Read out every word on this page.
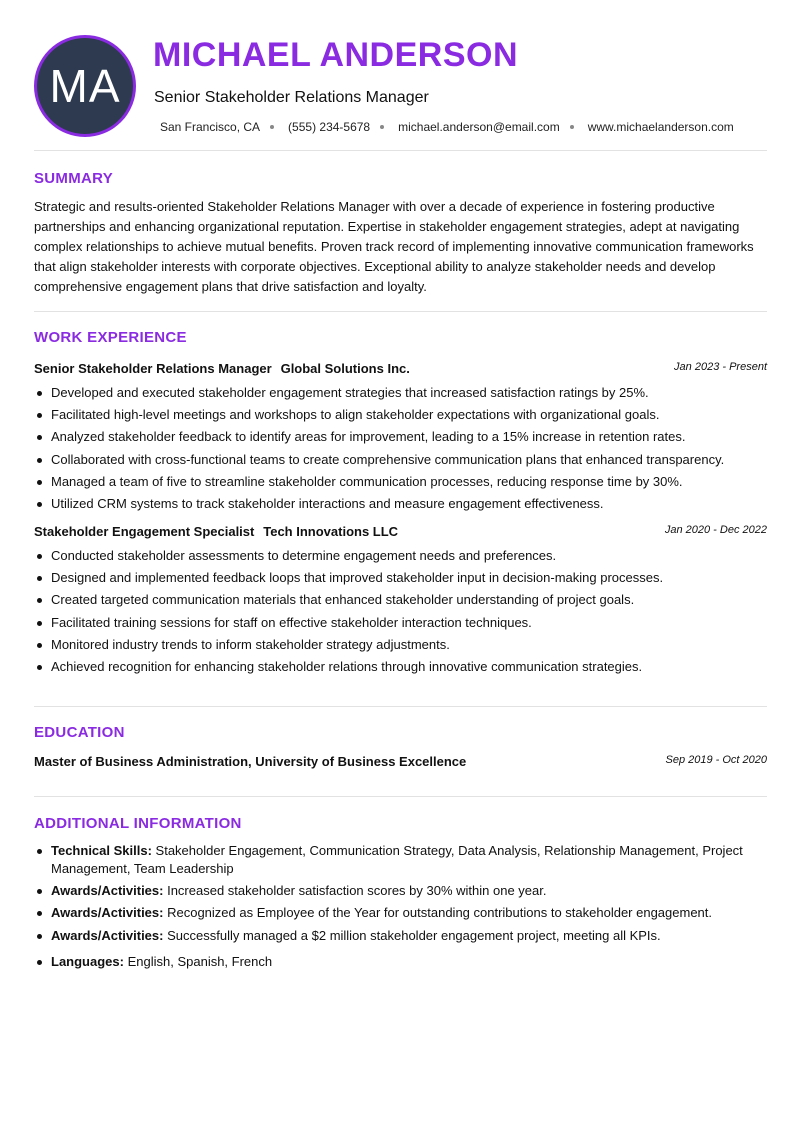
MA
MICHAEL ANDERSON
Senior Stakeholder Relations Manager
San Francisco, CA (555) 234-5678 michael.anderson@email.com www.michaelanderson.com
SUMMARY

Strategic and results-oriented Stakeholder Relations Manager with over a decade of experience in fostering productive partnerships and enhancing organizational reputation. Expertise in stakeholder engagement strategies, adept at navigating complex relationships to achieve mutual benefits. Proven track record of implementing innovative communication frameworks that align stakeholder interests with corporate objectives. Exceptional ability to analyze stakeholder needs and develop comprehensive engagement plans that drive satisfaction and loyalty.

WORK EXPERIENCE
Senior Stakeholder Relations Manager Global Solutions Inc.	Jan 2023 - Present
Developed and executed stakeholder engagement strategies that increased satisfaction ratings by 25%.
Facilitated high-level meetings and workshops to align stakeholder expectations with organizational goals.
Analyzed stakeholder feedback to identify areas for improvement, leading to a 15% increase in retention rates.
Collaborated with cross-functional teams to create comprehensive communication plans that enhanced transparency.
Managed a team of five to streamline stakeholder communication processes, reducing response time by 30%.
Utilized CRM systems to track stakeholder interactions and measure engagement effectiveness.
Stakeholder Engagement Specialist Tech Innovations LLC	Jan 2020 - Dec 2022
Conducted stakeholder assessments to determine engagement needs and preferences.
Designed and implemented feedback loops that improved stakeholder input in decision-making processes.
Created targeted communication materials that enhanced stakeholder understanding of project goals.
Facilitated training sessions for staff on effective stakeholder interaction techniques.
Monitored industry trends to inform stakeholder strategy adjustments.
Achieved recognition for enhancing stakeholder relations through innovative communication strategies.
EDUCATION
Master of Business Administration, University of Business Excellence	Sep 2019 - Oct 2020
ADDITIONAL INFORMATION
Technical Skills: Stakeholder Engagement, Communication Strategy, Data Analysis, Relationship Management, Project Management, Team Leadership
Awards/Activities: Increased stakeholder satisfaction scores by 30% within one year.
Awards/Activities: Recognized as Employee of the Year for outstanding contributions to stakeholder engagement.
Awards/Activities: Successfully managed a $2 million stakeholder engagement project, meeting all KPIs.
Languages: English, Spanish, French
